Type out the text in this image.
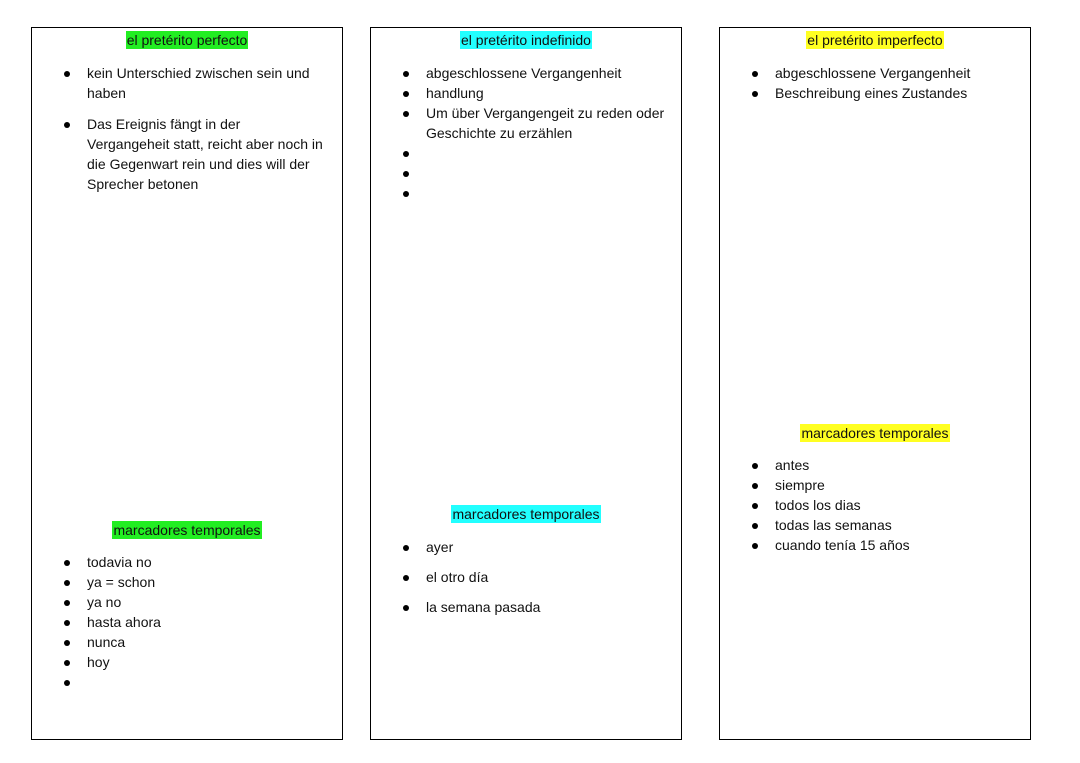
el pretérito perfecto
kein Unterschied zwischen sein und haben
Das Ereignis fängt in der Vergangeheit statt, reicht aber noch in die Gegenwart rein und dies will der Sprecher betonen
marcadores temporales
todavia no
ya = schon
ya no
hasta ahora
nunca
hoy
el pretérito indefinido
abgeschlossene Vergangenheit
handlung
Um über Vergangengeit zu reden oder Geschichte zu erzählen
marcadores temporales
ayer
el otro día
la semana pasada
el pretérito imperfecto
abgeschlossene Vergangenheit
Beschreibung eines Zustandes
marcadores temporales
antes
siempre
todos los dias
todas las semanas
cuando tenía 15 años
